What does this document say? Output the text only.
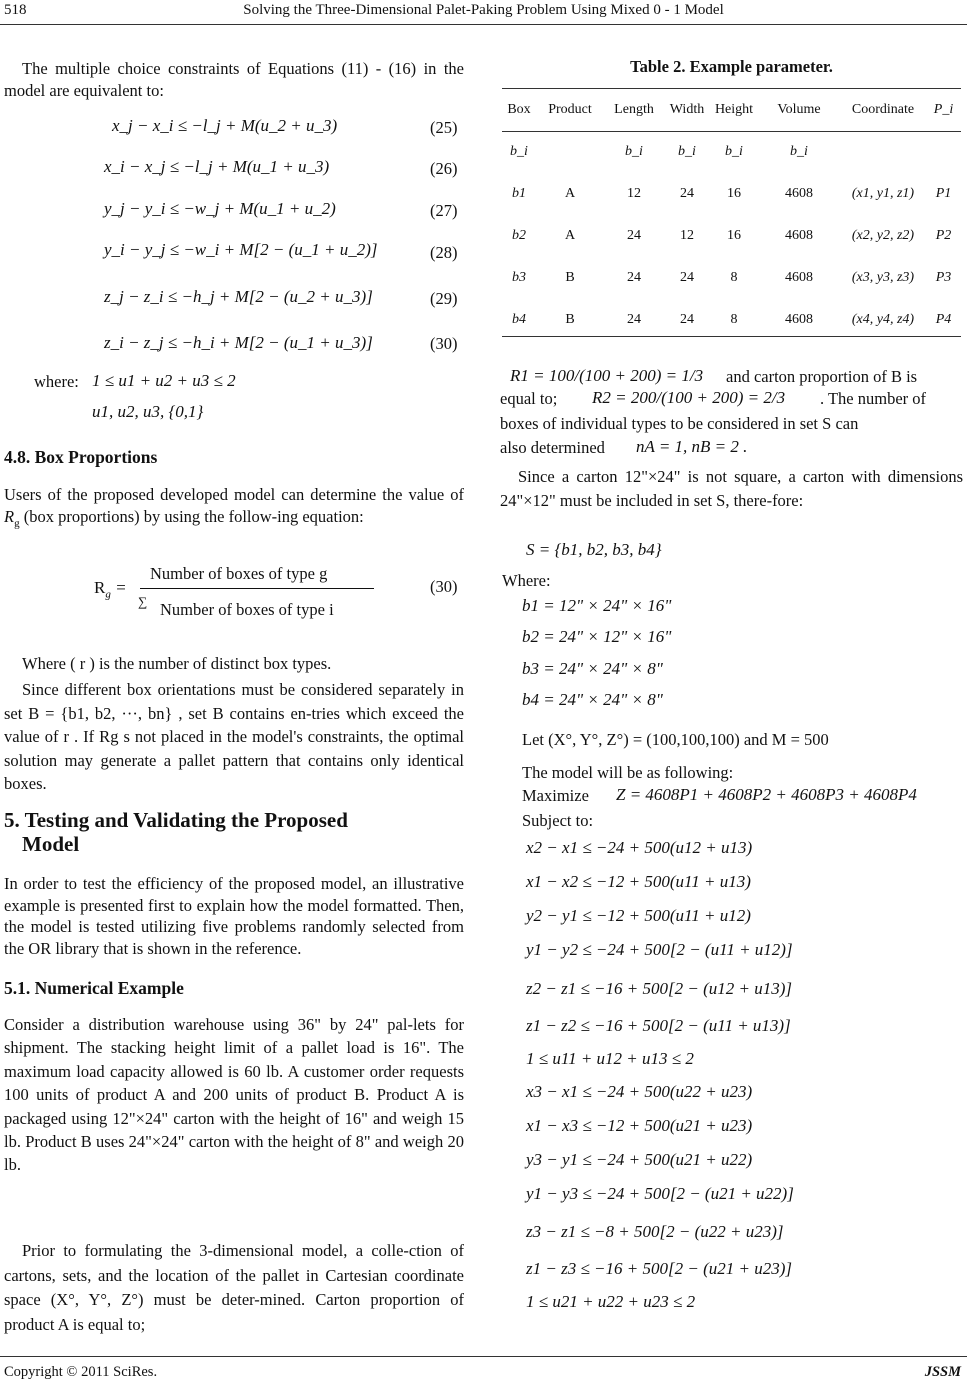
518	Solving the Three-Dimensional Palet-Paking Problem Using Mixed 0 - 1 Model

The multiple choice constraints of Equations (11) - (16) in the model are equivalent to:

x_j − x_i ≤ −l_j + M(u_2 + u_3)	(25)
x_i − x_j ≤ −l_j + M(u_1 + u_3)	(26)
y_j − y_i ≤ −w_j + M(u_1 + u_2)	(27)
y_i − y_j ≤ −w_i + M[2 − (u_1 + u_2)]	(28)
z_j − z_i ≤ −h_j + M[2 − (u_2 + u_3)]	(29)
z_i − z_j ≤ −h_i + M[2 − (u_1 + u_3)]	(30)
where: 1 ≤ u1 + u2 + u3 ≤ 2
u1, u2, u3, {0,1}
4.8. Box Proportions

Users of the proposed developed model can determine the value of $R_g$ (box proportions) by using the follow-ing equation:

$R_g$ =
Number of boxes of type g
∑ Number of boxes of type i
(30)

Where ( r ) is the number of distinct box types.

Since different box orientations must be considered separately in set B = {b1, b2, ···, bn} , set B contains en-tries which exceed the value of r . If Rg s not placed in the model's constraints, the optimal solution may generate a pallet pattern that contains only identical boxes.

5. Testing and Validating the Proposed
Model

In order to test the efficiency of the proposed model, an illustrative example is presented first to explain how the model formatted. Then, the model is tested utilizing five problems randomly selected from the OR library that is shown in the reference.

5.1. Numerical Example

Consider a distribution warehouse using 36" by 24" pal-lets for shipment. The stacking height limit of a pallet load is 16". The maximum load capacity allowed is 60 lb. A customer order requests 100 units of product A and 200 units of product B. Product A is packaged using 12"×24" carton with the height of 16" and weigh 15 lb. Product B uses 24"×24" carton with the height of 8" and weigh 20 lb.

Prior to formulating the 3-dimensional model, a colle-ction of cartons, sets, and the location of the pallet in Cartesian coordinate space (X°, Y°, Z°) must be deter-mined. Carton proportion of product A is equal to;

Table 2. Example parameter.
Box	Product	Length	Width	Height	Volume	Coordinate	P_i
b_i		b_i	b_i	b_i	b_i		
b1	A	12	24	16	4608	(x1, y1, z1)	P1
b2	A	24	12	16	4608	(x2, y2, z2)	P2
b3	B	24	24	8	4608	(x3, y3, z3)	P3
b4	B	24	24	8	4608	(x4, y4, z4)	P4
R1 = 100/(100 + 200) = 1/3 and carton proportion of B is
equal to; R2 = 200/(100 + 200) = 2/3 . The number of
boxes of individual types to be considered in set S can
also determined nA = 1, nB = 2 .

Since a carton 12"×24" is not square, a carton with dimensions 24"×12" must be included in set S, there-fore:

S = {b1, b2, b3, b4}
Where:
b1 = 12" × 24" × 16"
b2 = 24" × 12" × 16"
b3 = 24" × 24" × 8"
b4 = 24" × 24" × 8"
Let (X°, Y°, Z°) = (100,100,100) and M = 500
The model will be as following:
Maximize Z = 4608P1 + 4608P2 + 4608P3 + 4608P4
Subject to:
x2 − x1 ≤ −24 + 500(u12 + u13)
x1 − x2 ≤ −12 + 500(u11 + u13)
y2 − y1 ≤ −12 + 500(u11 + u12)
y1 − y2 ≤ −24 + 500[2 − (u11 + u12)]
z2 − z1 ≤ −16 + 500[2 − (u12 + u13)]
z1 − z2 ≤ −16 + 500[2 − (u11 + u13)]
1 ≤ u11 + u12 + u13 ≤ 2
x3 − x1 ≤ −24 + 500(u22 + u23)
x1 − x3 ≤ −12 + 500(u21 + u23)
y3 − y1 ≤ −24 + 500(u21 + u22)
y1 − y3 ≤ −24 + 500[2 − (u21 + u22)]
z3 − z1 ≤ −8 + 500[2 − (u22 + u23)]
z1 − z3 ≤ −16 + 500[2 − (u21 + u23)]
1 ≤ u21 + u22 + u23 ≤ 2
Copyright © 2011 SciRes.	JSSM
